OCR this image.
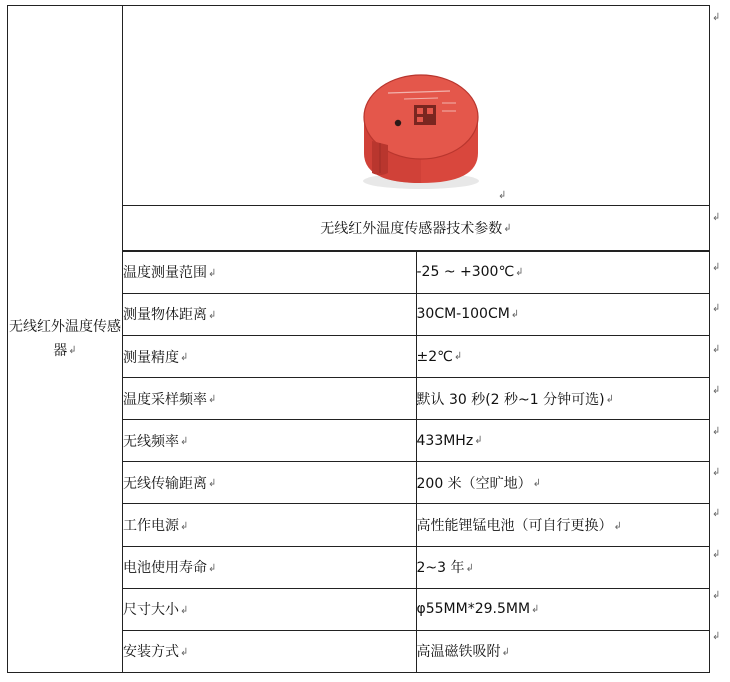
无线红外温度传感器↲		
	无线红外温度传感器技术参数↲	
	温度测量范围↲	-25 ~ +300℃↲
	测量物体距离↲	30CM-100CM↲
	测量精度↲	±2℃↲
	温度采样频率↲	默认 30 秒(2 秒~1 分钟可选)↲
	无线频率↲	433MHz↲
	无线传输距离↲	200 米（空旷地）↲
	工作电源↲	高性能锂锰电池（可自行更换）↲
	电池使用寿命↲	2~3 年↲
	尺寸大小↲	φ55MM*29.5MM↲
	安装方式↲	高温磁铁吸附↲
↲
↲
↲
↲
↲
↲
↲
↲
↲
↲
↲
↲
↲
